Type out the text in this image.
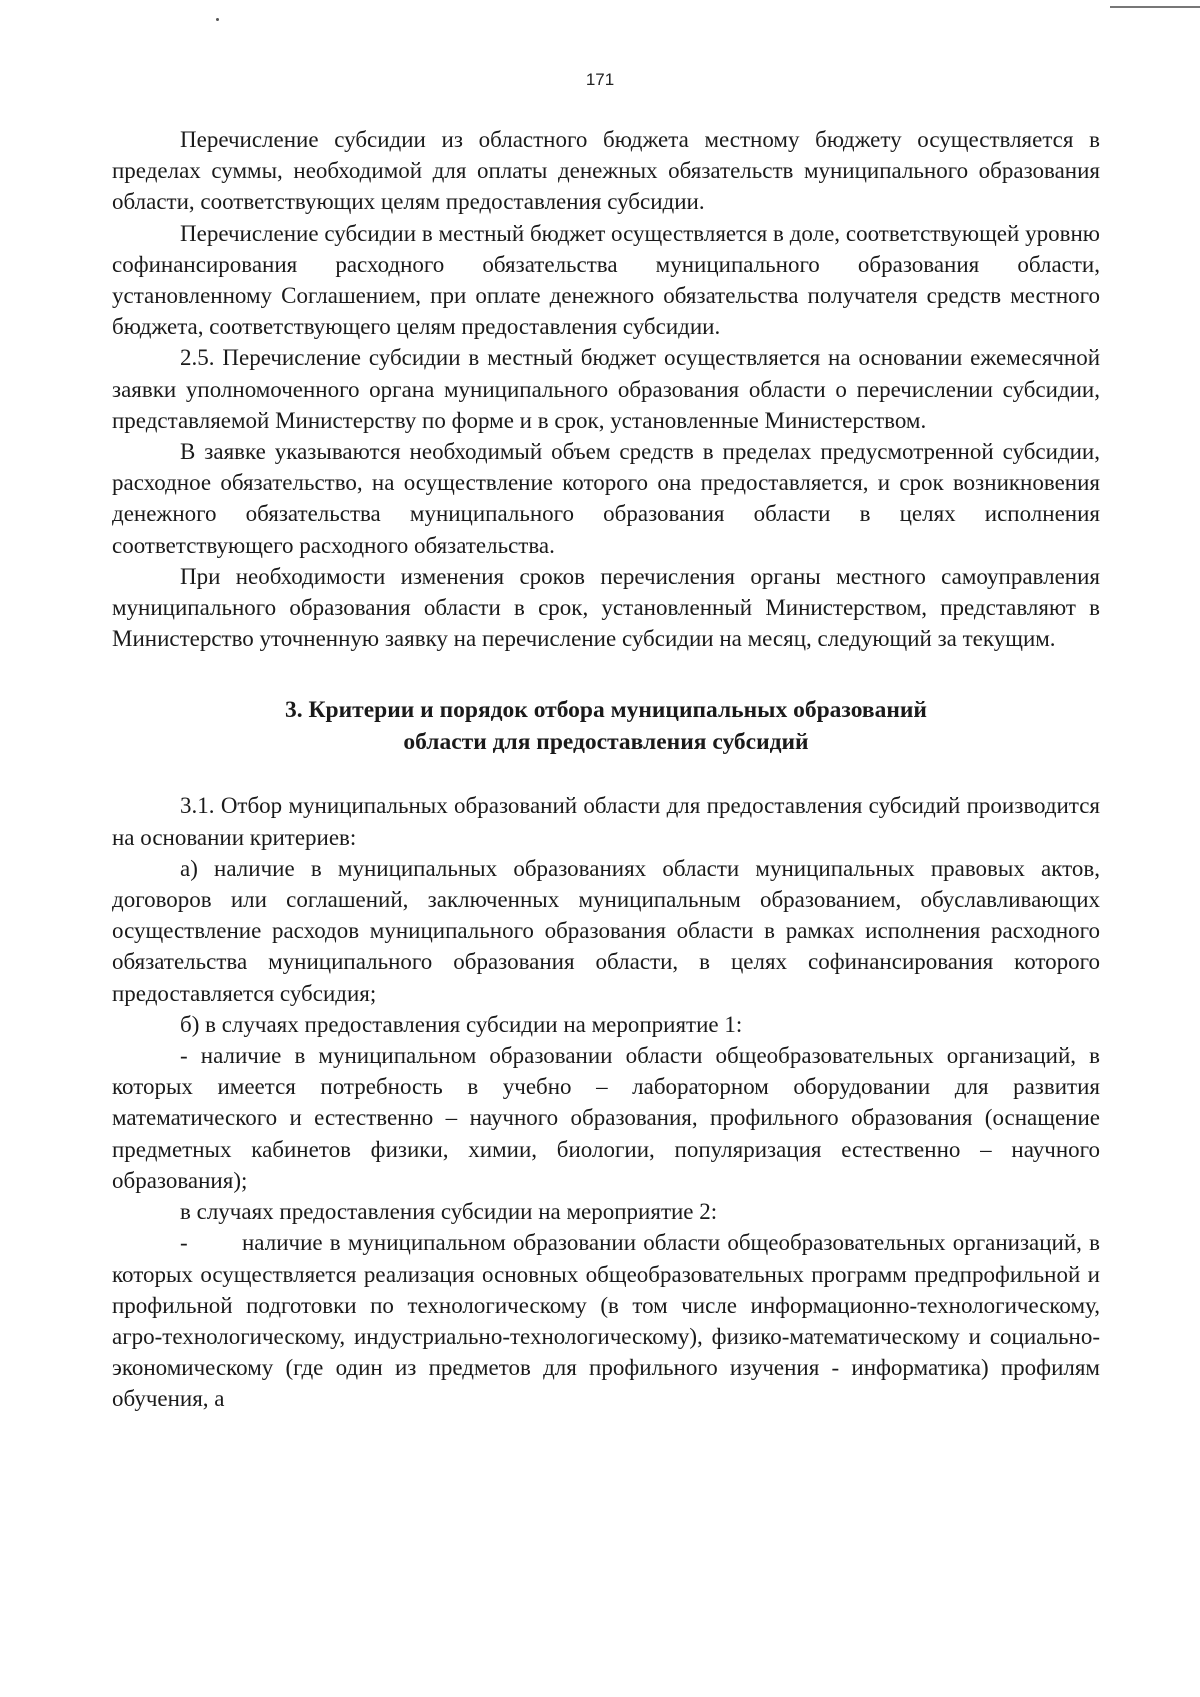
171

Перечисление субсидии из областного бюджета местному бюджету осуществляется в пределах суммы, необходимой для оплаты денежных обязательств муниципального образования области, соответствующих целям предоставления субсидии.

Перечисление субсидии в местный бюджет осуществляется в доле, соответствующей уровню софинансирования расходного обязательства муниципального образования области, установленному Соглашением, при оплате денежного обязательства получателя средств местного бюджета, соответствующего целям предоставления субсидии.

2.5. Перечисление субсидии в местный бюджет осуществляется на основании ежемесячной заявки уполномоченного органа муниципального образования области о перечислении субсидии, представляемой Министерству по форме и в срок, установленные Министерством.

В заявке указываются необходимый объем средств в пределах предусмотренной субсидии, расходное обязательство, на осуществление которого она предоставляется, и срок возникновения денежного обязательства муниципального образования области в целях исполнения соответствующего расходного обязательства.

При необходимости изменения сроков перечисления органы местного самоуправления муниципального образования области в срок, установленный Министерством, представляют в Министерство уточненную заявку на перечисление субсидии на месяц, следующий за текущим.

3. Критерии и порядок отбора муниципальных образований
области для предоставления субсидий

3.1. Отбор муниципальных образований области для предоставления субсидий производится на основании критериев:

а) наличие в муниципальных образованиях области муниципальных правовых актов, договоров или соглашений, заключенных муниципальным образованием, обуславливающих осуществление расходов муниципального образования области в рамках исполнения расходного обязательства муниципального образования области, в целях софинансирования которого предоставляется субсидия;

б) в случаях предоставления субсидии на мероприятие 1:

- наличие в муниципальном образовании области общеобразовательных организаций, в которых имеется потребность в учебно – лабораторном оборудовании для развития математического и естественно – научного образования, профильного образования (оснащение предметных кабинетов физики, химии, биологии, популяризация естественно – научного образования);

в случаях предоставления субсидии на мероприятие 2:

- наличие в муниципальном образовании области общеобразовательных организаций, в которых осуществляется реализация основных общеобразовательных программ предпрофильной и профильной подготовки по технологическому (в том числе информационно-технологическому, агро-технологическому, индустриально-технологическому), физико-математическому и социально- экономическому (где один из предметов для профильного изучения - информатика) профилям обучения, а
